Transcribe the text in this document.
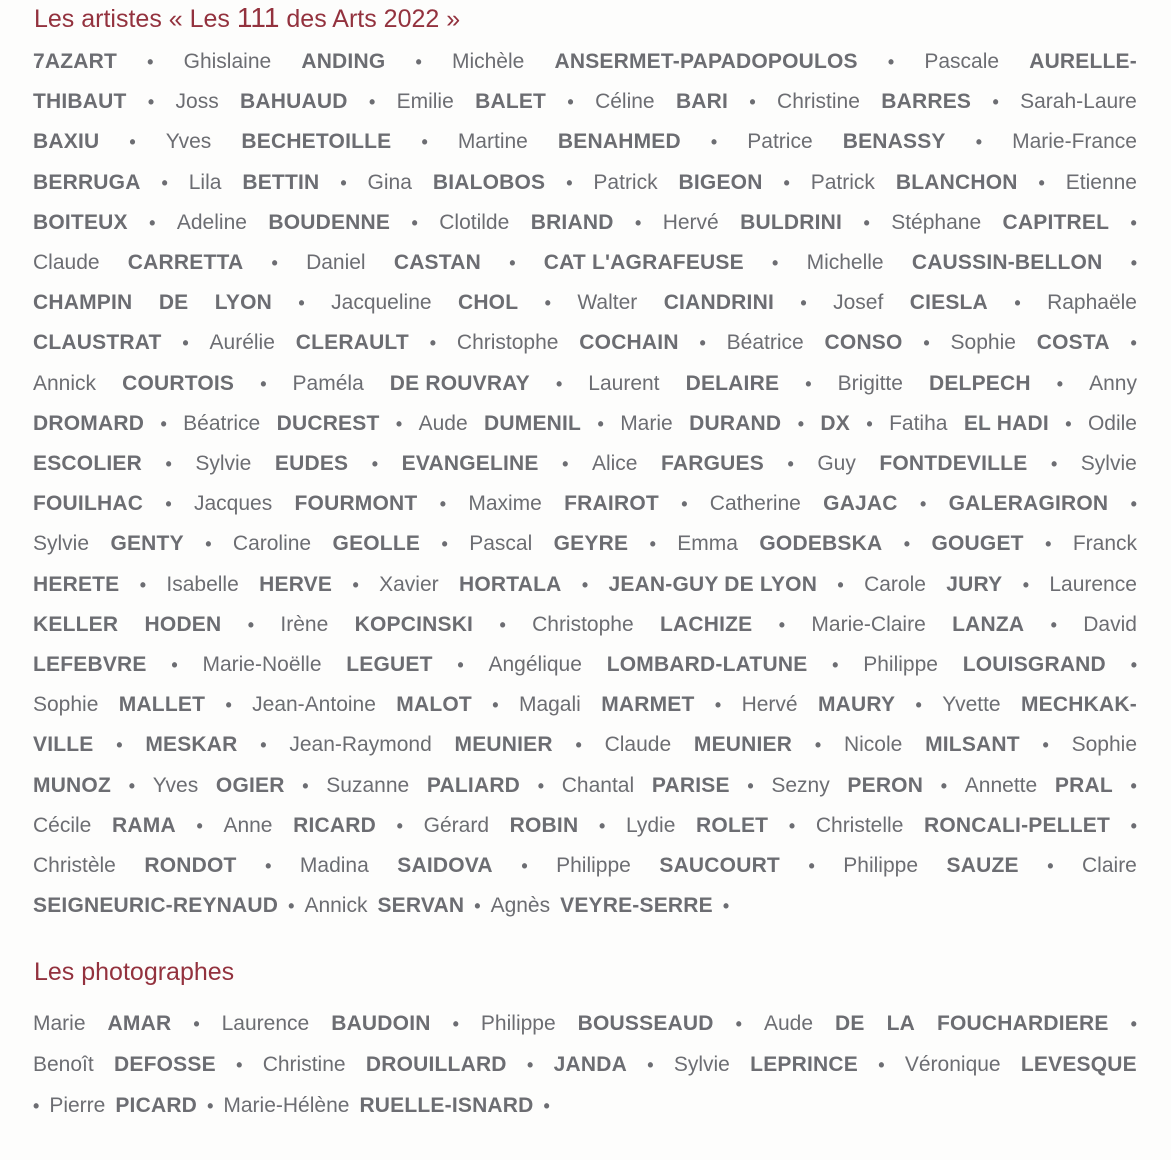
Les artistes « Les 111 des Arts 2022 »
7AZART • Ghislaine ANDING • Michèle ANSERMET-PAPADOPOULOS • Pascale AURELLE-
THIBAUT • Joss BAHUAUD • Emilie BALET • Céline BARI • Christine BARRES • Sarah-Laure
BAXIU • Yves BECHETOILLE • Martine BENAHMED • Patrice BENASSY • Marie-France
BERRUGA • Lila BETTIN • Gina BIALOBOS • Patrick BIGEON • Patrick BLANCHON • Etienne
BOITEUX • Adeline BOUDENNE • Clotilde BRIAND • Hervé BULDRINI • Stéphane CAPITREL •
Claude CARRETTA • Daniel CASTAN • CAT L'AGRAFEUSE • Michelle CAUSSIN-BELLON •
CHAMPIN DE LYON • Jacqueline CHOL • Walter CIANDRINI • Josef CIESLA • Raphaële
CLAUSTRAT • Aurélie CLERAULT • Christophe COCHAIN • Béatrice CONSO • Sophie COSTA •
Annick COURTOIS • Paméla DE ROUVRAY • Laurent DELAIRE • Brigitte DELPECH • Anny
DROMARD • Béatrice DUCREST • Aude DUMENIL • Marie DURAND • DX • Fatiha EL HADI • Odile
ESCOLIER • Sylvie EUDES • EVANGELINE • Alice FARGUES • Guy FONTDEVILLE • Sylvie
FOUILHAC • Jacques FOURMONT • Maxime FRAIROT • Catherine GAJAC • GALERAGIRON •
Sylvie GENTY • Caroline GEOLLE • Pascal GEYRE • Emma GODEBSKA • GOUGET • Franck
HERETE • Isabelle HERVE • Xavier HORTALA • JEAN-GUY DE LYON • Carole JURY • Laurence
KELLER HODEN • Irène KOPCINSKI • Christophe LACHIZE • Marie-Claire LANZA • David
LEFEBVRE • Marie-Noëlle LEGUET • Angélique LOMBARD-LATUNE • Philippe LOUISGRAND •
Sophie MALLET • Jean-Antoine MALOT • Magali MARMET • Hervé MAURY • Yvette MECHKAK-
VILLE • MESKAR • Jean-Raymond MEUNIER • Claude MEUNIER • Nicole MILSANT • Sophie
MUNOZ • Yves OGIER • Suzanne PALIARD • Chantal PARISE • Sezny PERON • Annette PRAL •
Cécile RAMA • Anne RICARD • Gérard ROBIN • Lydie ROLET • Christelle RONCALI-PELLET •
Christèle RONDOT • Madina SAIDOVA • Philippe SAUCOURT • Philippe SAUZE • Claire
SEIGNEURIC-REYNAUD • Annick SERVAN • Agnès VEYRE-SERRE •
Les photographes
Marie AMAR • Laurence BAUDOIN • Philippe BOUSSEAUD • Aude DE LA FOUCHARDIERE •
Benoît DEFOSSE • Christine DROUILLARD • JANDA • Sylvie LEPRINCE • Véronique LEVESQUE
• Pierre PICARD • Marie-Hélène RUELLE-ISNARD •
